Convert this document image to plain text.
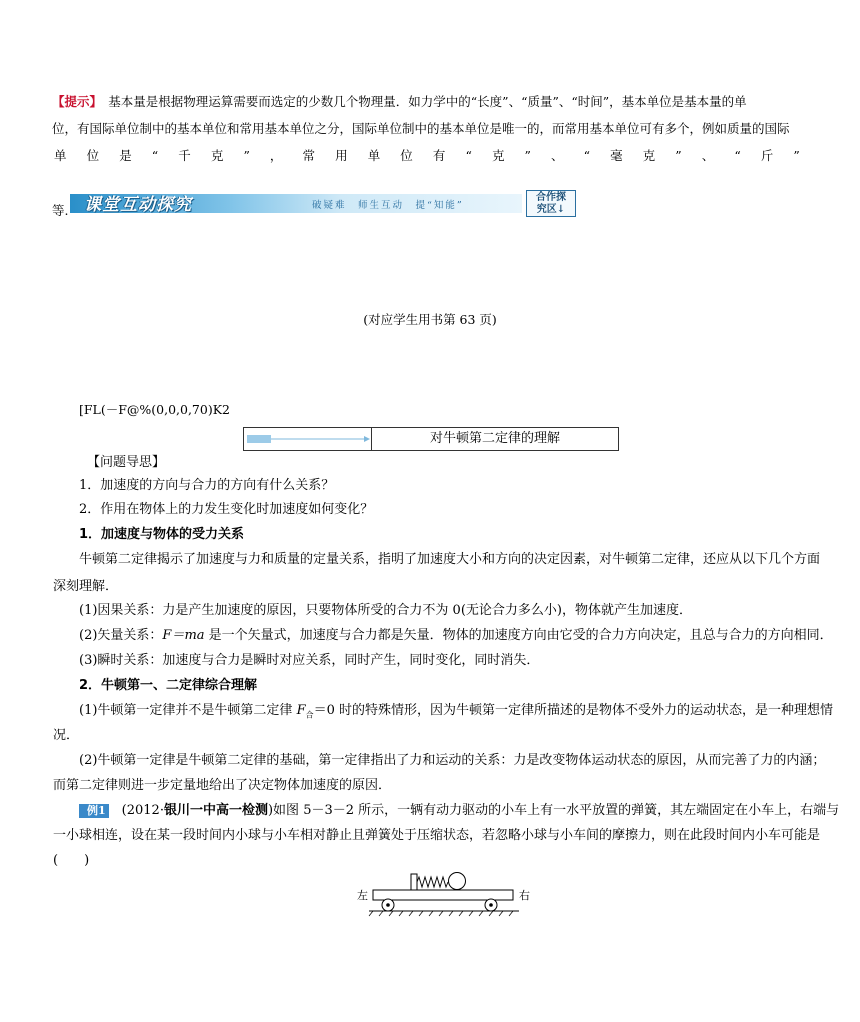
【提示】　 基本量是根据物理运算需要而选定的少数几个物理量．如力学中的“长度”、“质量”、“时间”，基本单位是基本量的单
位，有国际单位制中的基本单位和常用基本单位之分，国际单位制中的基本单位是唯一的，而常用基本单位可有多个，例如质量的国际
单 位 是 “ 千 克 ” ， 常 用 单 位 有 “ 克 ” 、 “ 毫 克 ” 、 “ 斤 ”
等. 课堂互动探究	破疑难　师生互动　提“知能”
合作探
究区↓
(对应学生用书第 63 页)
[FL(－F@%(0,0,0,70)K2
对牛顿第二定律的理解
【问题导思】
1．加速度的方向与合力的方向有什么关系？
2．作用在物体上的力发生变化时加速度如何变化？
1．加速度与物体的受力关系
牛顿第二定律揭示了加速度与力和质量的定量关系，指明了加速度大小和方向的决定因素，对牛顿第二定律，还应从以下几个方面
深刻理解．
(1)因果关系：力是产生加速度的原因，只要物体所受的合力不为 0(无论合力多么小)，物体就产生加速度．
(2)矢量关系：F＝ma 是一个矢量式，加速度与合力都是矢量．物体的加速度方向由它受的合力方向决定，且总与合力的方向相同．
(3)瞬时关系：加速度与合力是瞬时对应关系，同时产生，同时变化，同时消失．
2．牛顿第一、二定律综合理解
(1)牛顿第一定律并不是牛顿第二定律 $F_合=0$ 时的特殊情形，因为牛顿第一定律所描述的是物体不受外力的运动状态，是一种理想情
况．
(2)牛顿第一定律是牛顿第二定律的基础，第一定律指出了力和运动的关系：力是改变物体运动状态的原因，从而完善了力的内涵；
而第二定律则进一步定量地给出了决定物体加速度的原因．
例1　 (2012·银川一中高一检测)如图 5－3－2 所示，一辆有动力驱动的小车上有一水平放置的弹簧，其左端固定在小车上，右端与
一小球相连，设在某一段时间内小球与小车相对静止且弹簧处于压缩状态，若忽略小球与小车间的摩擦力，则在此段时间内小车可能是
(　　)
左	右
